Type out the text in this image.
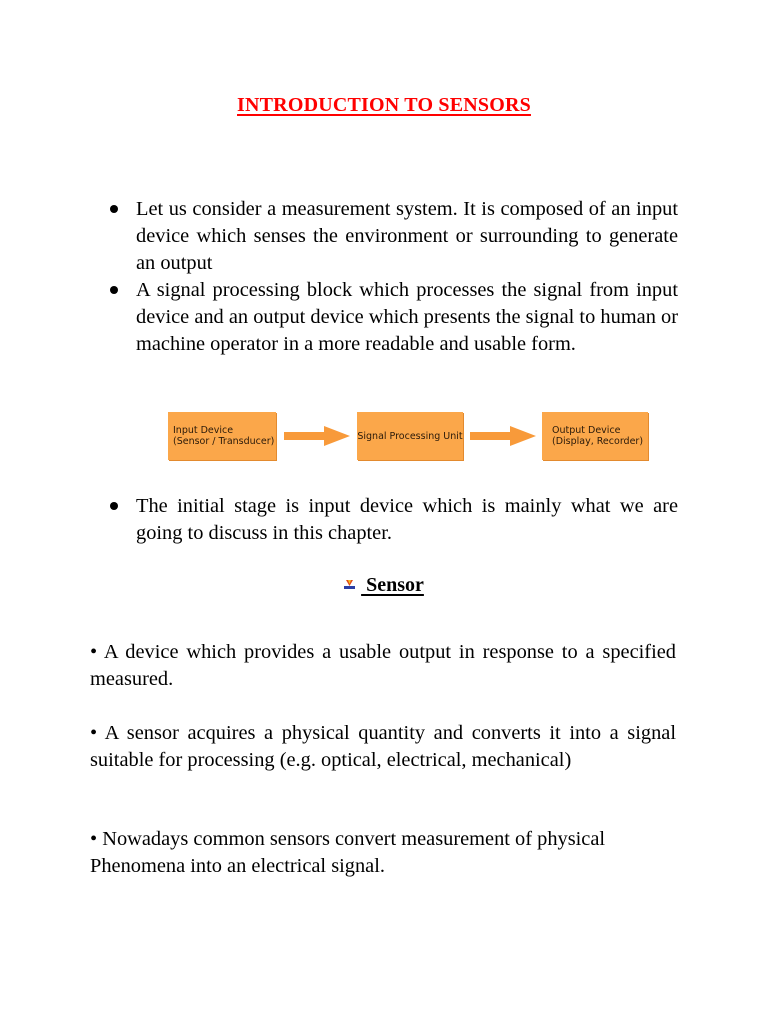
INTRODUCTION TO SENSORS
Let us consider a measurement system. It is composed of an input device which senses the environment or surrounding to generate an output
A signal processing block which processes the signal from input device and an output device which presents the signal to human or machine operator in a more readable and usable form.
Input Device
(Sensor / Transducer)	Signal Processing Unit	Output Device
(Display, Recorder)
The initial stage is input device which is mainly what we are going to discuss in this chapter.
Sensor

• A device which provides a usable output in response to a specified measured.

• A sensor acquires a physical quantity and converts it into a signal suitable for processing (e.g. optical, electrical, mechanical)

• Nowadays common sensors convert measurement of physical Phenomena into an electrical signal.
